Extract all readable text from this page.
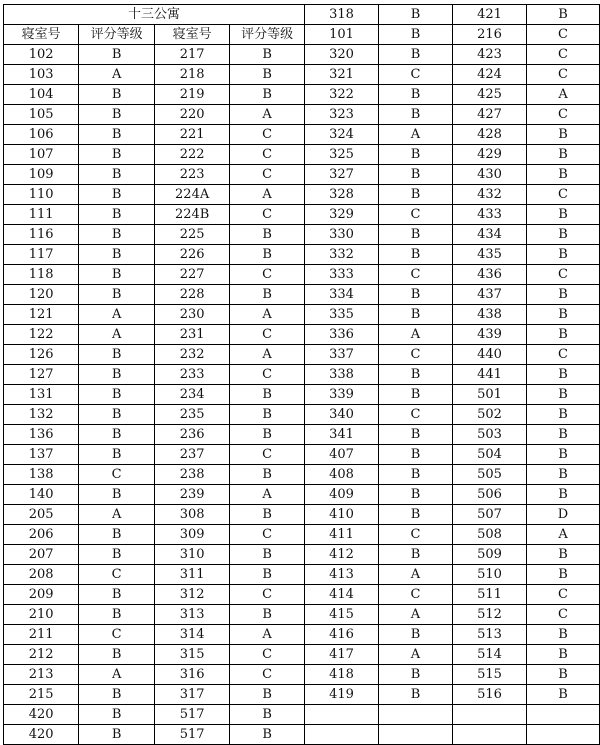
十三公寓				318	B	421	B
寝室号	评分等级	寝室号	评分等级	101	B	216	C
102	B	217	B	320	B	423	C
103	A	218	B	321	C	424	C
104	B	219	B	322	B	425	A
105	B	220	A	323	B	427	C
106	B	221	C	324	A	428	B
107	B	222	C	325	B	429	B
109	B	223	C	327	B	430	B
110	B	224A	A	328	B	432	C
111	B	224B	C	329	C	433	B
116	B	225	B	330	B	434	B
117	B	226	B	332	B	435	B
118	B	227	C	333	C	436	C
120	B	228	B	334	B	437	B
121	A	230	A	335	B	438	B
122	A	231	C	336	A	439	B
126	B	232	A	337	C	440	C
127	B	233	C	338	B	441	B
131	B	234	B	339	B	501	B
132	B	235	B	340	C	502	B
136	B	236	B	341	B	503	B
137	B	237	C	407	B	504	B
138	C	238	B	408	B	505	B
140	B	239	A	409	B	506	B
205	A	308	B	410	B	507	D
206	B	309	C	411	C	508	A
207	B	310	B	412	B	509	B
208	C	311	B	413	A	510	B
209	B	312	C	414	C	511	C
210	B	313	B	415	A	512	C
211	C	314	A	416	B	513	B
212	B	315	C	417	A	514	B
213	A	316	C	418	B	515	B
215	B	317	B	419	B	516	B
420	B	517	B				
420	B	517	B				
